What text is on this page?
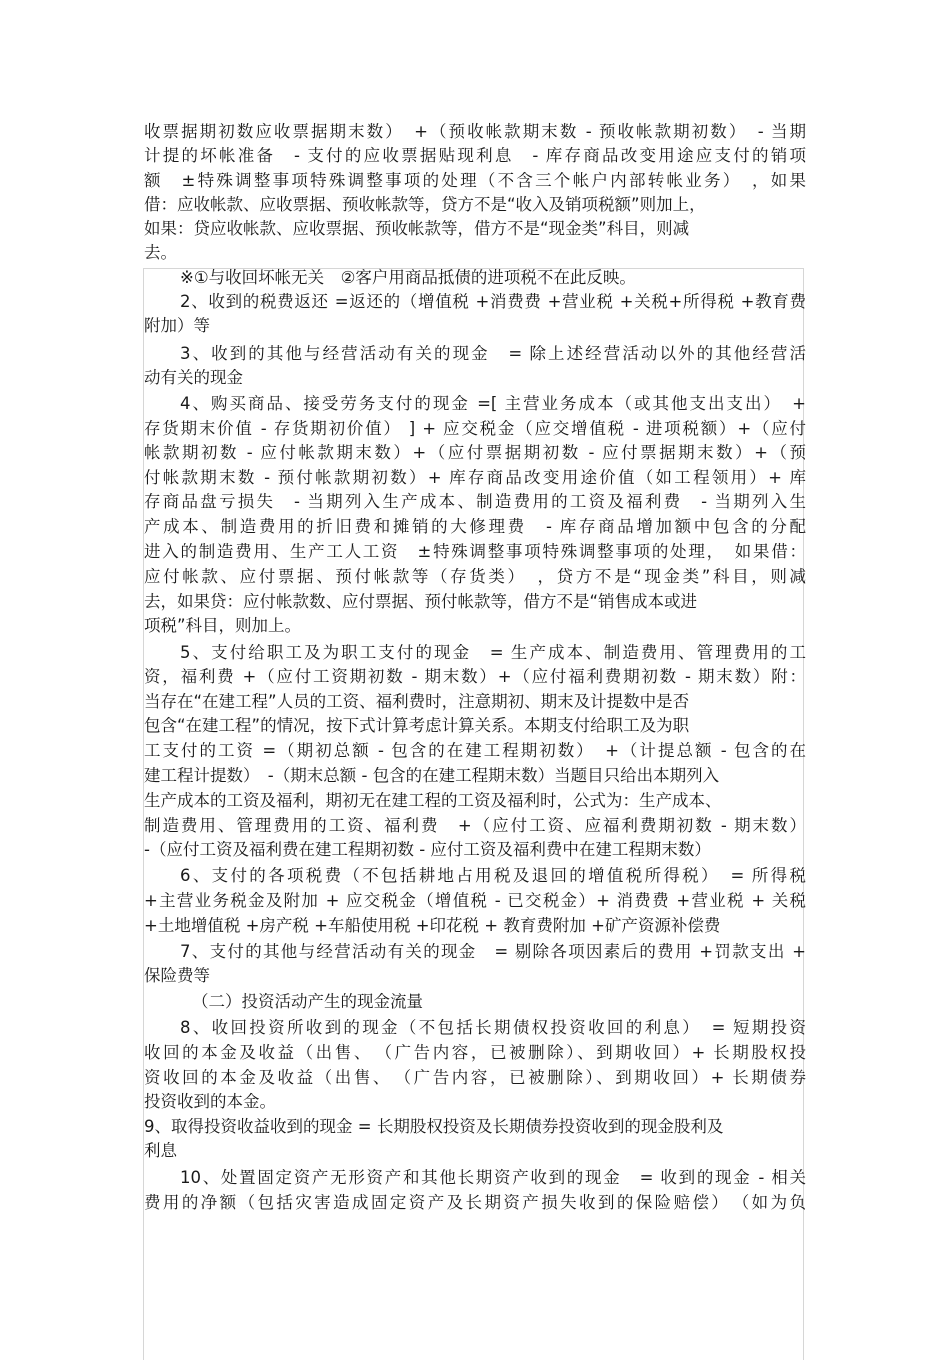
收票据期初数应收票据期末数）　+（预收帐款期末数 - 预收帐款期初数）　- 当期
计提的坏帐准备　- 支付的应收票据贴现利息　- 库存商品改变用途应支付的销项
额　±特殊调整事项特殊调整事项的处理（不含三个帐户内部转帐业务）　，如果
借：应收帐款、应收票据、预收帐款等，贷方不是“收入及销项税额”则加上，
如果：贷应收帐款、应收票据、预收帐款等，借方不是“现金类”科目，则减
去。
※①与收回坏帐无关　②客户用商品抵债的进项税不在此反映。
2、收到的税费返还 =返还的（增值税 +消费费 +营业税 +关税+所得税 +教育费
附加）等
3、收到的其他与经营活动有关的现金　= 除上述经营活动以外的其他经营活
动有关的现金
4、购买商品、接受劳务支付的现金 =[ 主营业务成本（或其他支出支出）　+
存货期末价值 - 存货期初价值） ] + 应交税金（应交增值税 - 进项税额）+（应付
帐款期初数 - 应付帐款期末数）+（应付票据期初数 - 应付票据期末数）+（预
付帐款期末数 - 预付帐款期初数）+ 库存商品改变用途价值（如工程领用）+ 库
存商品盘亏损失　- 当期列入生产成本、制造费用的工资及福利费　- 当期列入生
产成本、制造费用的折旧费和摊销的大修理费　- 库存商品增加额中包含的分配
进入的制造费用、生产工人工资　±特殊调整事项特殊调整事项的处理，　如果借：
应付帐款、应付票据、预付帐款等（存货类）　，贷方不是“现金类”科目，则减
去，如果贷：应付帐款数、应付票据、预付帐款等，借方不是“销售成本或进
项税”科目，则加上。
5、支付给职工及为职工支付的现金　= 生产成本、制造费用、管理费用的工
资，福利费 +（应付工资期初数 - 期末数）+（应付福利费期初数 - 期末数）附：
当存在“在建工程”人员的工资、福利费时，注意期初、期末及计提数中是否
包含“在建工程”的情况，按下式计算考虑计算关系。本期支付给职工及为职
工支付的工资 =（期初总额 - 包含的在建工程期初数）　+（计提总额 - 包含的在
建工程计提数）　-（期末总额 - 包含的在建工程期末数）当题目只给出本期列入
生产成本的工资及福利，期初无在建工程的工资及福利时，公式为：生产成本、
制造费用、管理费用的工资、福利费　+（应付工资、应福利费期初数 - 期末数）
-（应付工资及福利费在建工程期初数 - 应付工资及福利费中在建工程期末数）
6、支付的各项税费（不包括耕地占用税及退回的增值税所得税）　= 所得税
+主营业务税金及附加 + 应交税金（增值税 - 已交税金）+ 消费费 +营业税 + 关税
+土地增值税 +房产税 +车船使用税 +印花税 + 教育费附加 +矿产资源补偿费
7、支付的其他与经营活动有关的现金　= 剔除各项因素后的费用 +罚款支出 +
保险费等
（二）投资活动产生的现金流量
8、收回投资所收到的现金（不包括长期债权投资收回的利息）　= 短期投资
收回的本金及收益（出售、　（广告内容，已被删除）、到期收回）+ 长期股权投
资收回的本金及收益（出售、　（广告内容，已被删除）、到期收回）+ 长期债券
投资收到的本金。
9、取得投资收益收到的现金 = 长期股权投资及长期债券投资收到的现金股利及
利息
10、处置固定资产无形资产和其他长期资产收到的现金　= 收到的现金 - 相关
费用的净额（包括灾害造成固定资产及长期资产损失收到的保险赔偿）　（如为负
